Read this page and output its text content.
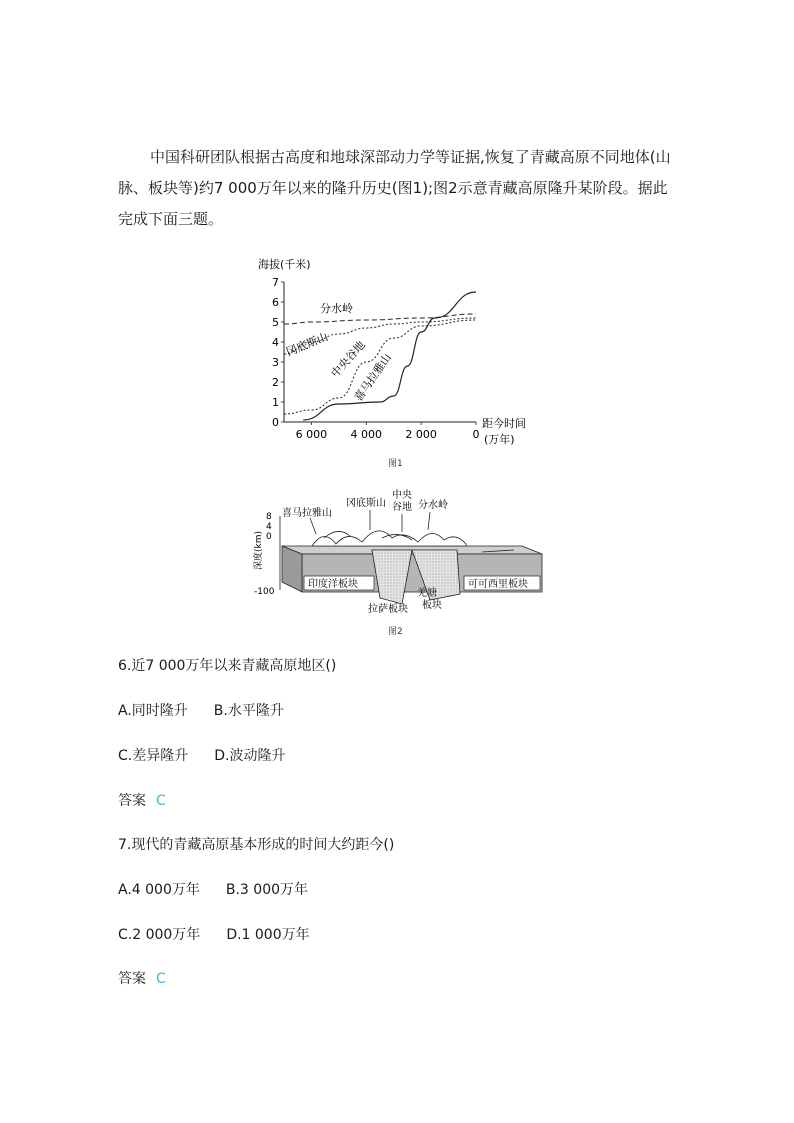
中国科研团队根据古高度和地球深部动力学等证据,恢复了青藏高原不同地体(山
脉、板块等)约7 000万年以来的隆升历史(图1);图2示意青藏高原隆升某阶段。据此
完成下面三题。
海拔(千米)
0
1
2
3
4
5
6
7
6 000 4 000 2 000	0
距今时间
(万年)
分水岭
冈底斯山
中央谷地
喜马拉雅山
图1
8
4
0
-100
深度(km)
印度洋板块	可可西里板块
拉萨板块
羌塘
板块
喜马拉雅山
冈底斯山
中央
谷地 分水岭
图2
6.近7 000万年以来青藏高原地区()
A.同时隆升 B.水平隆升
C.差异隆升 D.波动隆升
答案 C
7.现代的青藏高原基本形成的时间大约距今()
A.4 000万年 B.3 000万年
C.2 000万年 D.1 000万年
答案 C
